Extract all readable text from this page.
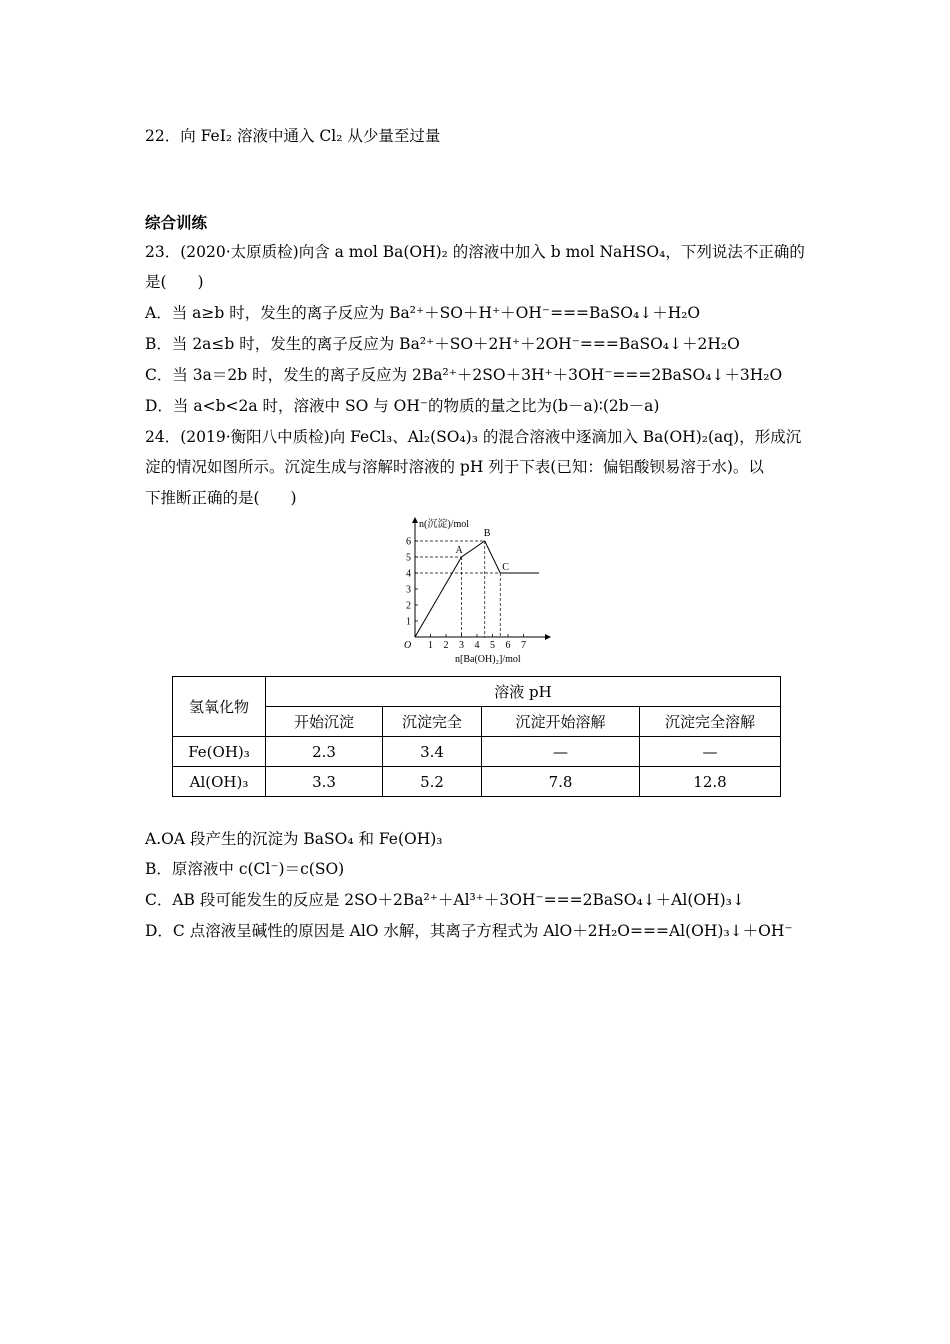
22．向 FeI₂ 溶液中通入 Cl₂ 从少量至过量
综合训练
23．(2020·太原质检)向含 a mol Ba(OH)₂ 的溶液中加入 b mol NaHSO₄，下列说法不正确的
是(　　)
A．当 a≥b 时，发生的离子反应为 Ba²⁺＋SO＋H⁺＋OH⁻===BaSO₄↓＋H₂O
B．当 2a≤b 时，发生的离子反应为 Ba²⁺＋SO＋2H⁺＋2OH⁻===BaSO₄↓＋2H₂O
C．当 3a＝2b 时，发生的离子反应为 2Ba²⁺＋2SO＋3H⁺＋3OH⁻===2BaSO₄↓＋3H₂O
D．当 a<b<2a 时，溶液中 SO 与 OH⁻的物质的量之比为(b－a)∶(2b－a)
24．(2019·衡阳八中质检)向 FeCl₃、Al₂(SO₄)₃ 的混合溶液中逐滴加入 Ba(OH)₂(aq)，形成沉
淀的情况如图所示。沉淀生成与溶解时溶液的 pH 列于下表(已知：偏铝酸钡易溶于水)。以
下推断正确的是(　　)
1 2 3 4 5 6 7
1
2
3
4
5
6
O
n(沉淀)/mol
n[Ba(OH)₂]/mol
A
B
C
氢氧化物	溶液 pH			
	开始沉淀	沉淀完全	沉淀开始溶解	沉淀完全溶解
Fe(OH)₃	2.3	3.4	—	—
Al(OH)₃	3.3	5.2	7.8	12.8
A.OA 段产生的沉淀为 BaSO₄ 和 Fe(OH)₃
B．原溶液中 c(Cl⁻)＝c(SO)
C．AB 段可能发生的反应是 2SO＋2Ba²⁺＋Al³⁺＋3OH⁻===2BaSO₄↓＋Al(OH)₃↓
D．C 点溶液呈碱性的原因是 AlO 水解，其离子方程式为 AlO＋2H₂O===Al(OH)₃↓＋OH⁻
